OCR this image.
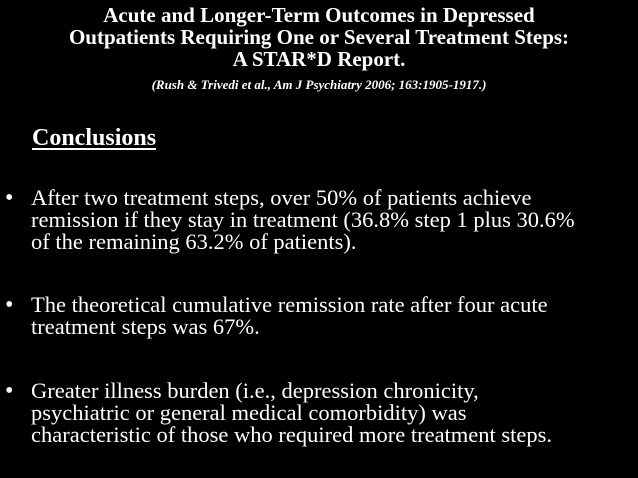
Acute and Longer-Term Outcomes in Depressed
Outpatients Requiring One or Several Treatment Steps:
A STAR*D Report.
(Rush & Trivedi et al., Am J Psychiatry 2006; 163:1905-1917.)
Conclusions
• After two treatment steps, over 50% of patients achieve
remission if they stay in treatment (36.8% step 1 plus 30.6%
of the remaining 63.2% of patients).
• The theoretical cumulative remission rate after four acute
treatment steps was 67%.
• Greater illness burden (i.e., depression chronicity,
psychiatric or general medical comorbidity) was
characteristic of those who required more treatment steps.
